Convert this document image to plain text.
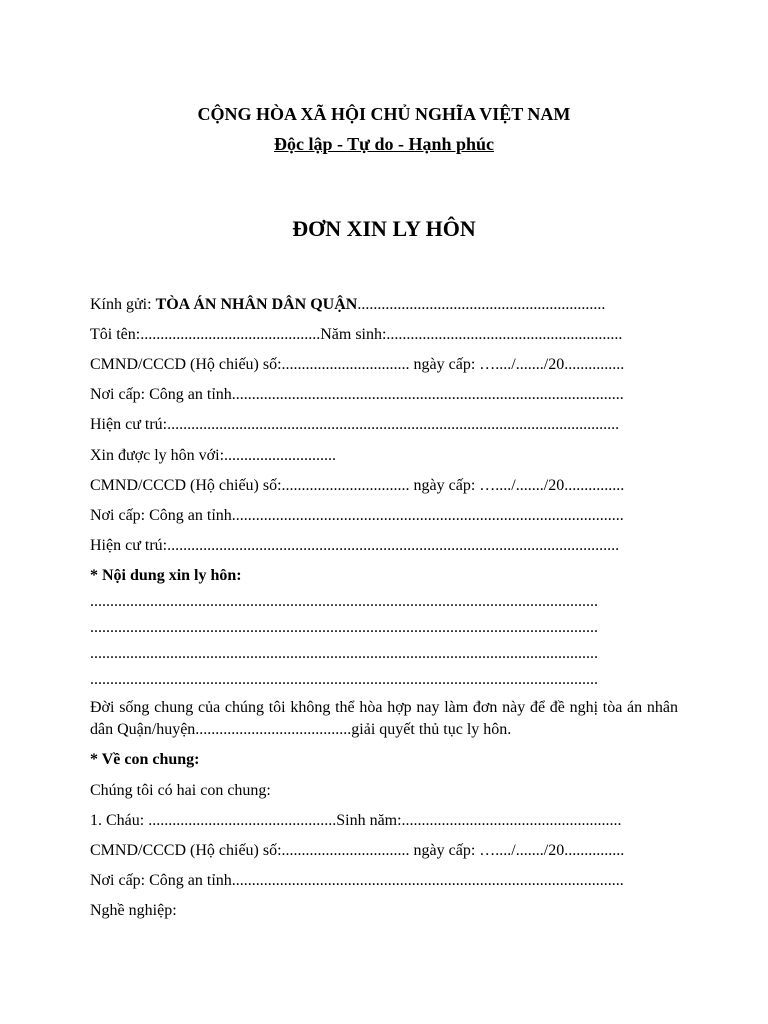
CỘNG HÒA XÃ HỘI CHỦ NGHĨA VIỆT NAM
Độc lập - Tự do - Hạnh phúc
ĐƠN XIN LY HÔN
Kính gửi: TÒA ÁN NHÂN DÂN QUẬN..............................................................
Tôi tên:.............................................Năm sinh:...........................................................
CMND/CCCD (Hộ chiếu) số:................................ ngày cấp: …..../......./20...............
Nơi cấp: Công an tỉnh..................................................................................................
Hiện cư trú:.................................................................................................................
Xin được ly hôn với:............................
CMND/CCCD (Hộ chiếu) số:................................ ngày cấp: …..../......./20...............
Nơi cấp: Công an tỉnh..................................................................................................
Hiện cư trú:.................................................................................................................
* Nội dung xin ly hôn:
...............................................................................................................................
...............................................................................................................................
...............................................................................................................................
...............................................................................................................................
Đời sống chung của chúng tôi không thể hòa hợp nay làm đơn này để đề nghị tòa án nhân dân Quận/huyện.......................................giải quyết thủ tục ly hôn.
* Về con chung:
Chúng tôi có hai con chung:
1. Cháu: ...............................................Sinh năm:.......................................................
CMND/CCCD (Hộ chiếu) số:................................ ngày cấp: …..../......./20...............
Nơi cấp: Công an tỉnh..................................................................................................
Nghề nghiệp:
